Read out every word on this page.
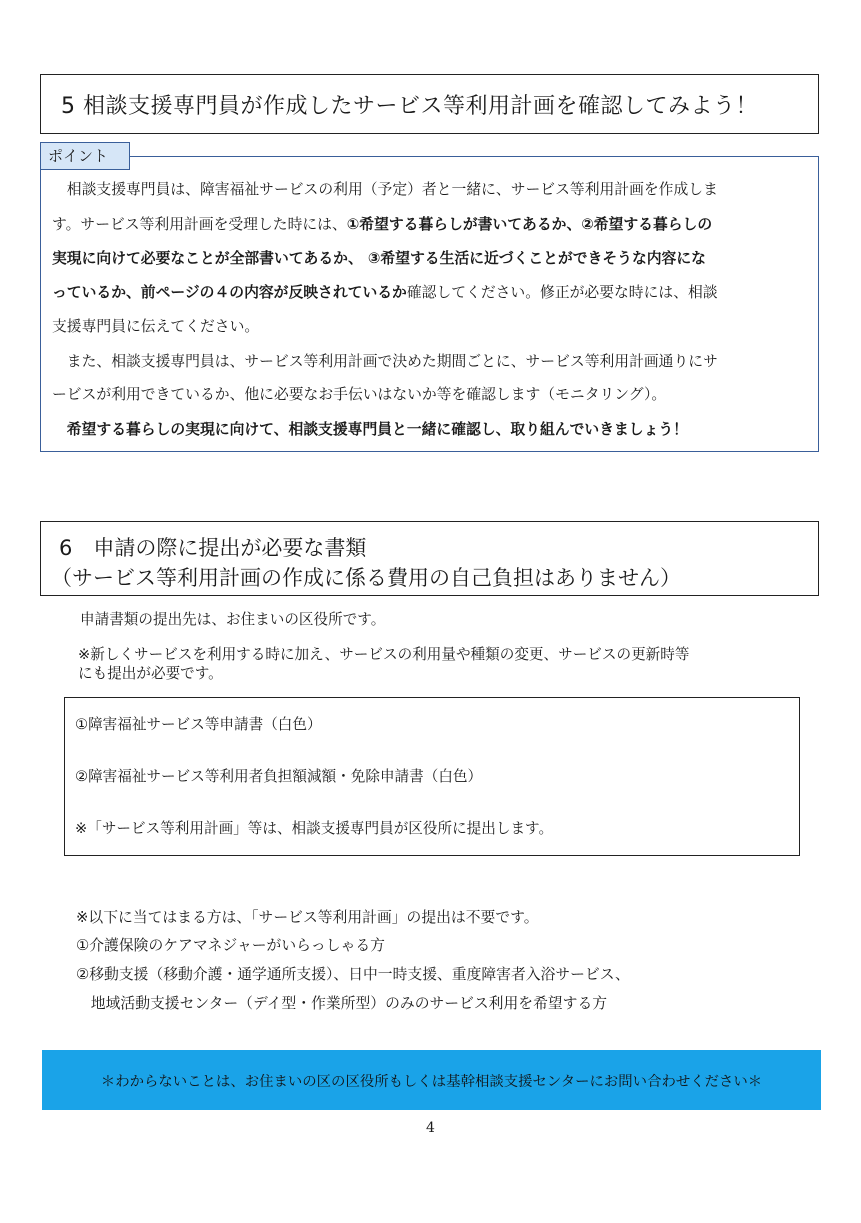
5 相談支援専門員が作成したサービス等利用計画を確認してみよう！
ポイント
　相談支援専門員は、障害福祉サービスの利用（予定）者と一緒に、サービス等利用計画を作成しま
す。サービス等利用計画を受理した時には、①希望する暮らしが書いてあるか、②希望する暮らしの
実現に向けて必要なことが全部書いてあるか、 ③希望する生活に近づくことができそうな内容にな
っているか、前ページの４の内容が反映されているか確認してください。修正が必要な時には、相談
支援専門員に伝えてください。
　また、相談支援専門員は、サービス等利用計画で決めた期間ごとに、サービス等利用計画通りにサ
ービスが利用できているか、他に必要なお手伝いはないか等を確認します（モニタリング）。
　希望する暮らしの実現に向けて、相談支援専門員と一緒に確認し、取り組んでいきましょう！
6　申請の際に提出が必要な書類
（サービス等利用計画の作成に係る費用の自己負担はありません）
申請書類の提出先は、お住まいの区役所です。
※新しくサービスを利用する時に加え、サービスの利用量や種類の変更、サービスの更新時等
にも提出が必要です。
①障害福祉サービス等申請書（白色）
②障害福祉サービス等利用者負担額減額・免除申請書（白色）
※「サービス等利用計画」等は、相談支援専門員が区役所に提出します。
※以下に当てはまる方は、「サービス等利用計画」の提出は不要です。
①介護保険のケアマネジャーがいらっしゃる方
②移動支援（移動介護・通学通所支援）、日中一時支援、重度障害者入浴サービス、
　地域活動支援センター（デイ型・作業所型）のみのサービス利用を希望する方
＊わからないことは、お住まいの区の区役所もしくは基幹相談支援センターにお問い合わせください＊
4
